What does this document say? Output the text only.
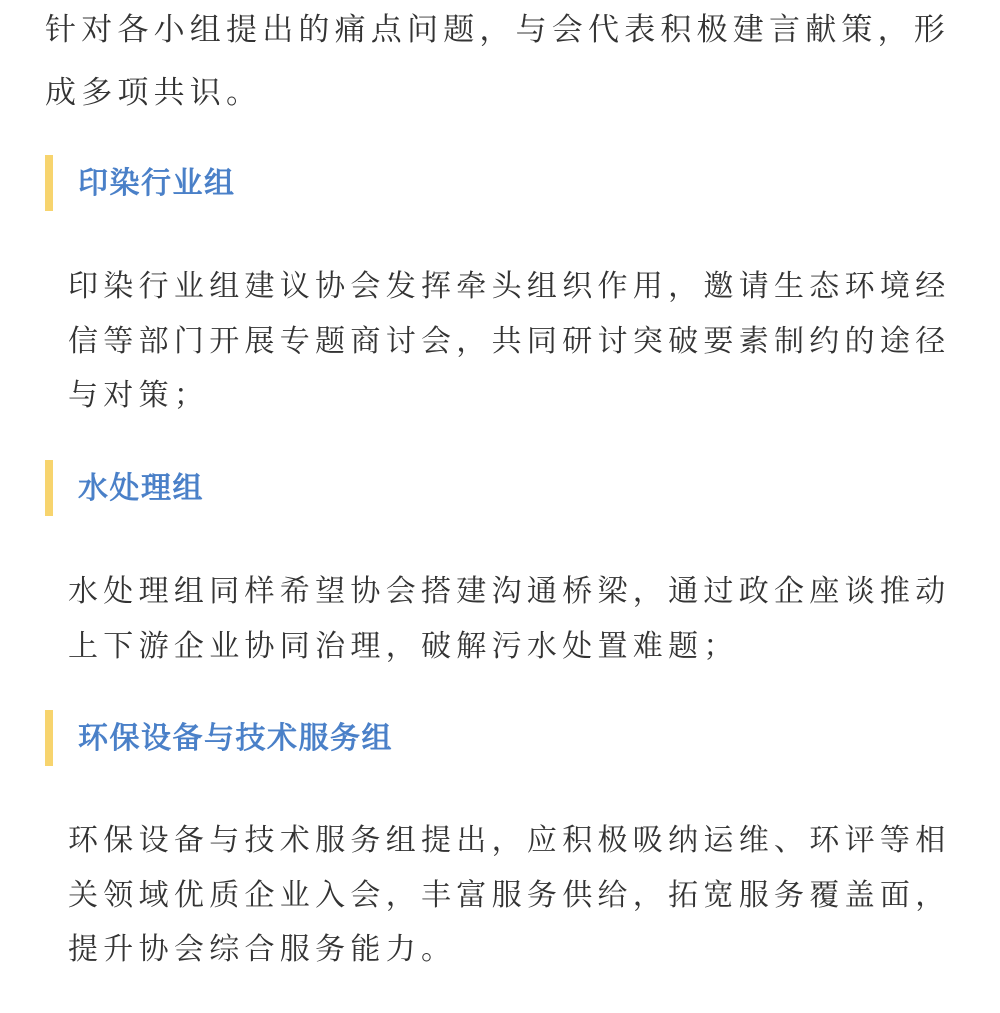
针对各小组提出的痛点问题，与会代表积极建言献策，形成多项共识。

印染行业组

印染行业组建议协会发挥牵头组织作用，邀请生态环境经信等部门开展专题商讨会，共同研讨突破要素制约的途径与对策；

水处理组

水处理组同样希望协会搭建沟通桥梁，通过政企座谈推动上下游企业协同治理，破解污水处置难题；

环保设备与技术服务组

环保设备与技术服务组提出，应积极吸纳运维、环评等相关领域优质企业入会，丰富服务供给，拓宽服务覆盖面，提升协会综合服务能力。
